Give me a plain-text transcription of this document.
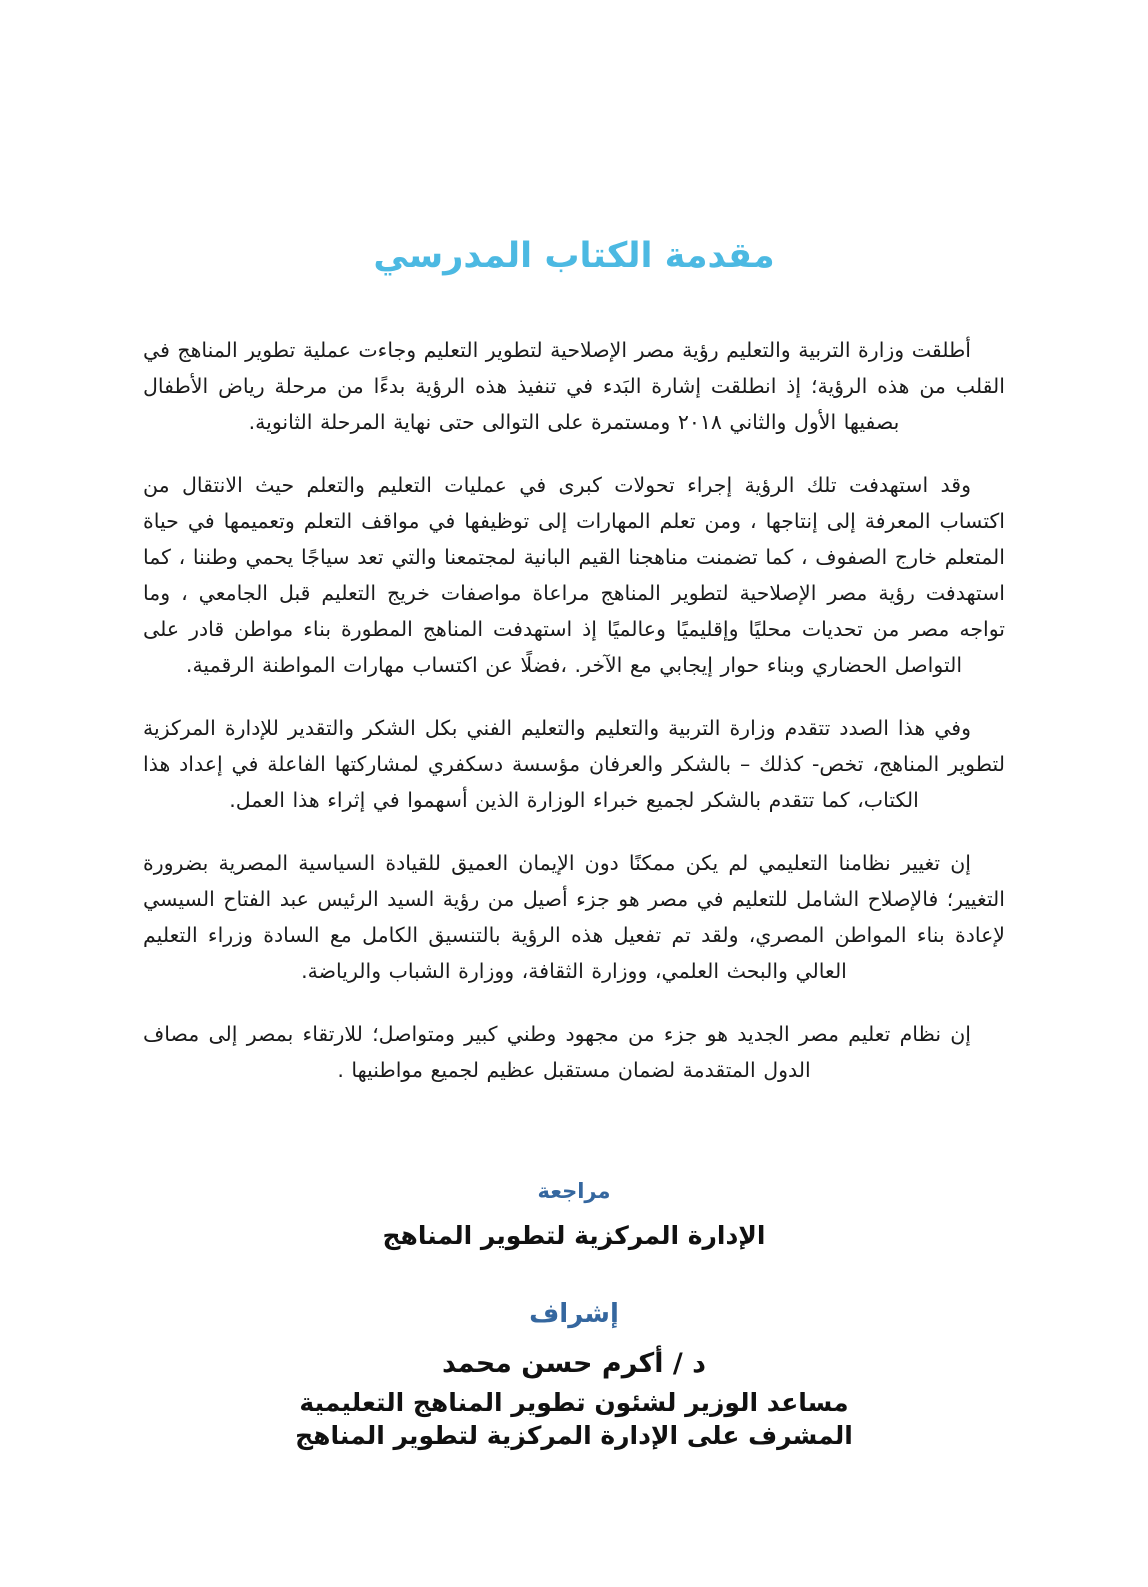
مقدمة الكتاب المدرسي

أطلقت وزارة التربية والتعليم رؤية مصر الإصلاحية لتطوير التعليم وجاءت عملية تطوير المناهج في القلب من هذه الرؤية؛ إذ انطلقت إشارة البَدء في تنفيذ هذه الرؤية بدءًا من مرحلة رياض الأطفال بصفيها الأول والثاني ٢٠١٨ ومستمرة على التوالى حتى نهاية المرحلة الثانوية.

وقد استهدفت تلك الرؤية إجراء تحولات كبرى في عمليات التعليم والتعلم حيث الانتقال من اكتساب المعرفة إلى إنتاجها ، ومن تعلم المهارات إلى توظيفها في مواقف التعلم وتعميمها في حياة المتعلم خارج الصفوف ، كما تضمنت مناهجنا القيم البانية لمجتمعنا والتي تعد سياجًا يحمي وطننا ، كما استهدفت رؤية مصر الإصلاحية لتطوير المناهج مراعاة مواصفات خريج التعليم قبل الجامعي ، وما تواجه مصر من تحديات محليًا وإقليميًا وعالميًا إذ استهدفت المناهج المطورة بناء مواطن قادر على التواصل الحضاري وبناء حوار إيجابي مع الآخر. ،فضلًا عن اكتساب مهارات المواطنة الرقمية.

وفي هذا الصدد تتقدم وزارة التربية والتعليم والتعليم الفني بكل الشكر والتقدير للإدارة المركزية لتطوير المناهج، تخص- كذلك – بالشكر والعرفان مؤسسة دسكفري لمشاركتها الفاعلة في إعداد هذا الكتاب، كما تتقدم بالشكر لجميع خبراء الوزارة الذين أسهموا في إثراء هذا العمل.

إن تغيير نظامنا التعليمي لم يكن ممكنًا دون الإيمان العميق للقيادة السياسية المصرية بضرورة التغيير؛ فالإصلاح الشامل للتعليم في مصر هو جزء أصيل من رؤية السيد الرئيس عبد الفتاح السيسي لإعادة بناء المواطن المصري، ولقد تم تفعيل هذه الرؤية بالتنسيق الكامل مع السادة وزراء التعليم العالي والبحث العلمي، ووزارة الثقافة، ووزارة الشباب والرياضة.

إن نظام تعليم مصر الجديد هو جزء من مجهود وطني كبير ومتواصل؛ للارتقاء بمصر إلى مصاف الدول المتقدمة لضمان مستقبل عظيم لجميع مواطنيها .

مراجعة
الإدارة المركزية لتطوير المناهج
إشراف
د / أكرم حسن محمد
مساعد الوزير لشئون تطوير المناهج التعليمية
المشرف على الإدارة المركزية لتطوير المناهج
